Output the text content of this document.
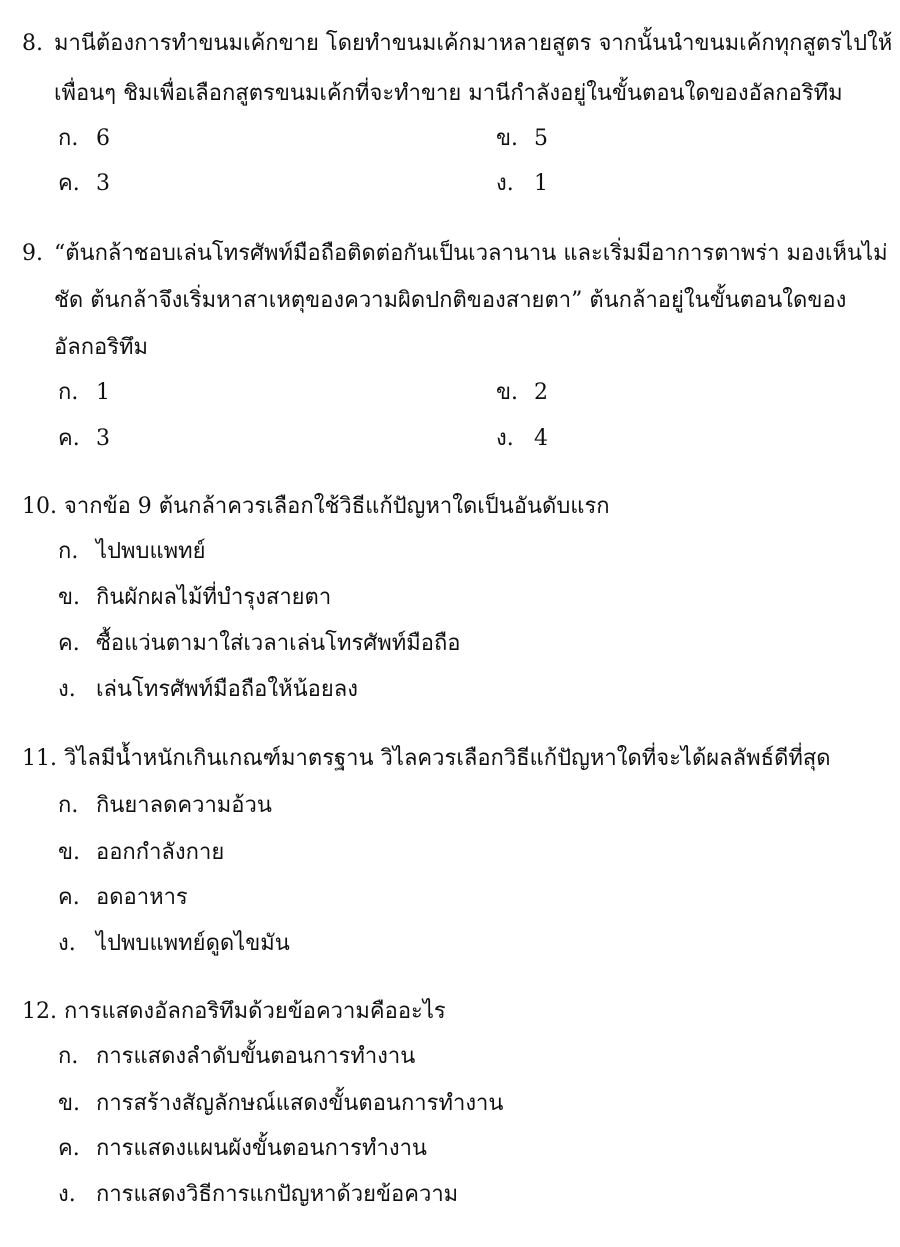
8. มานีต้องการทำขนมเค้กขาย โดยทำขนมเค้กมาหลายสูตร จากนั้นนำขนมเค้กทุกสูตรไปให้
เพื่อนๆ ชิมเพื่อเลือกสูตรขนมเค้กที่จะทำขาย มานีกำลังอยู่ในขั้นตอนใดของอัลกอริทึม
ก. 6	ข. 5
ค. 3	ง. 1
9. “ต้นกล้าชอบเล่นโทรศัพท์มือถือติดต่อกันเป็นเวลานาน และเริ่มมีอาการตาพร่า มองเห็นไม่
ชัด ต้นกล้าจึงเริ่มหาสาเหตุของความผิดปกติของสายตา” ต้นกล้าอยู่ในขั้นตอนใดของ
อัลกอริทึม
ก. 1	ข. 2
ค. 3	ง. 4
10. จากข้อ 9 ต้นกล้าควรเลือกใช้วิธีแก้ปัญหาใดเป็นอันดับแรก
ก. ไปพบแพทย์
ข. กินผักผลไม้ที่บำรุงสายตา
ค. ซื้อแว่นตามาใส่เวลาเล่นโทรศัพท์มือถือ
ง. เล่นโทรศัพท์มือถือให้น้อยลง
11. วิไลมีน้ำหนักเกินเกณฑ์มาตรฐาน วิไลควรเลือกวิธีแก้ปัญหาใดที่จะได้ผลลัพธ์ดีที่สุด
ก. กินยาลดความอ้วน
ข. ออกกำลังกาย
ค. อดอาหาร
ง. ไปพบแพทย์ดูดไขมัน
12. การแสดงอัลกอริทึมด้วยข้อความคืออะไร
ก. การแสดงลำดับขั้นตอนการทำงาน
ข. การสร้างสัญลักษณ์แสดงขั้นตอนการทำงาน
ค. การแสดงแผนผังขั้นตอนการทำงาน
ง. การแสดงวิธีการแกปัญหาด้วยข้อความ
